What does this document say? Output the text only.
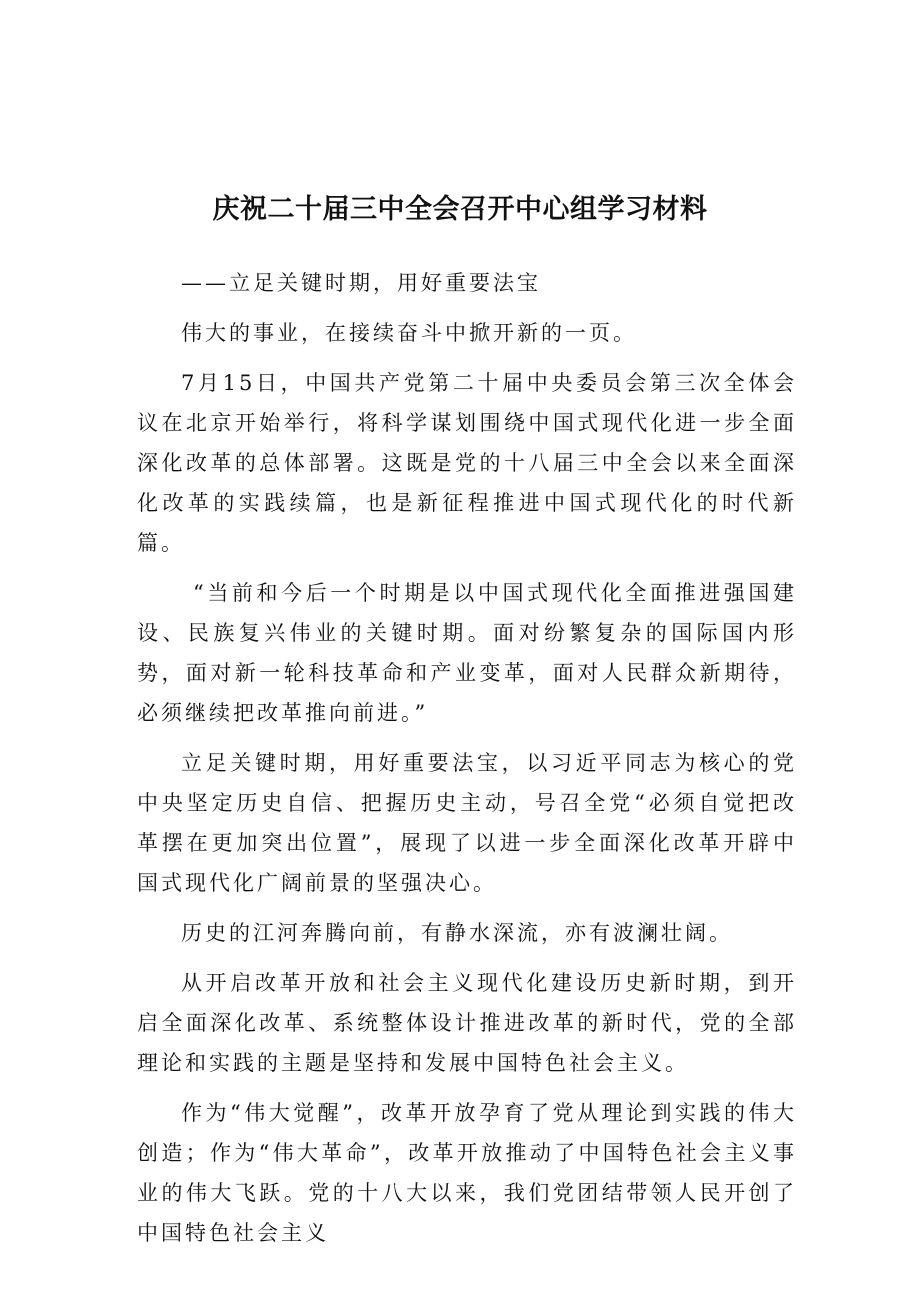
庆祝二十届三中全会召开中心组学习材料

——立足关键时期，用好重要法宝

伟大的事业，在接续奋斗中掀开新的一页。

7月15日，中国共产党第二十届中央委员会第三次全体会议在北京开始举行，将科学谋划围绕中国式现代化进一步全面深化改革的总体部署。这既是党的十八届三中全会以来全面深化改革的实践续篇，也是新征程推进中国式现代化的时代新篇。

“当前和今后一个时期是以中国式现代化全面推进强国建设、民族复兴伟业的关键时期。面对纷繁复杂的国际国内形势，面对新一轮科技革命和产业变革，面对人民群众新期待，必须继续把改革推向前进。”

立足关键时期，用好重要法宝，以习近平同志为核心的党中央坚定历史自信、把握历史主动，号召全党“必须自觉把改革摆在更加突出位置”，展现了以进一步全面深化改革开辟中国式现代化广阔前景的坚强决心。

历史的江河奔腾向前，有静水深流，亦有波澜壮阔。

从开启改革开放和社会主义现代化建设历史新时期，到开启全面深化改革、系统整体设计推进改革的新时代，党的全部理论和实践的主题是坚持和发展中国特色社会主义。

作为“伟大觉醒”，改革开放孕育了党从理论到实践的伟大创造；作为“伟大革命”，改革开放推动了中国特色社会主义事业的伟大飞跃。党的十八大以来，我们党团结带领人民开创了中国特色社会主义
